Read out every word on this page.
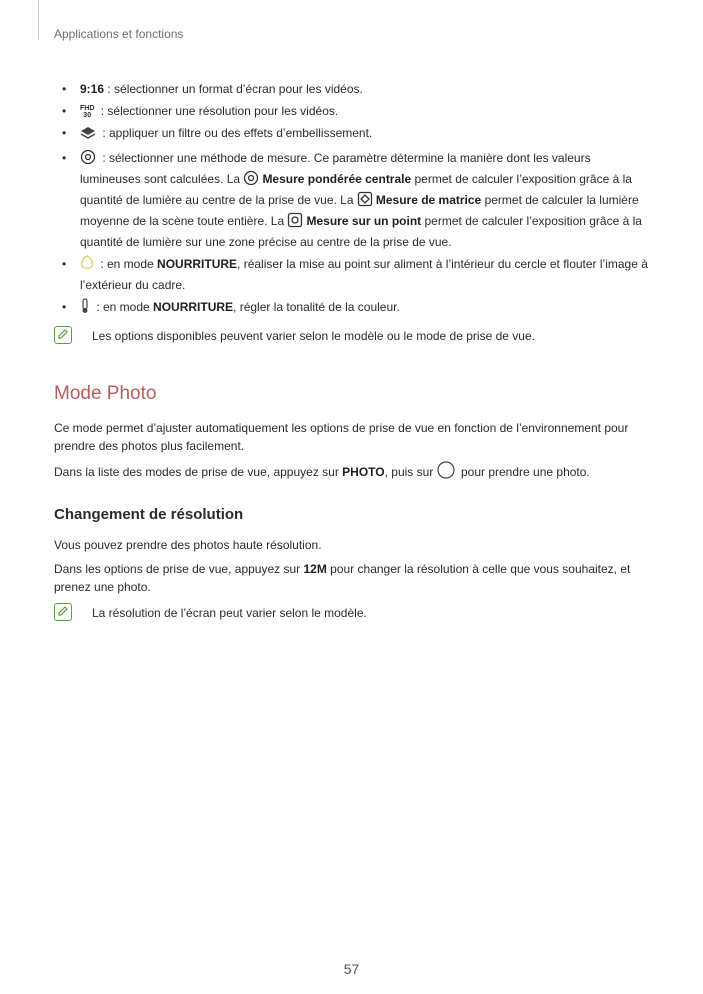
Applications et fonctions
• 9:16 : sélectionner un format d’écran pour les vidéos.
• FHD
30 : sélectionner une résolution pour les vidéos.
•	: appliquer un filtre ou des effets d’embellissement.
•	: sélectionner une méthode de mesure. Ce paramètre détermine la manière dont les valeurs lumineuses sont calculées. La Mesure pondérée centrale permet de calculer l’exposition grâce à la quantité de lumière au centre de la prise de vue. La Mesure de matrice permet de calculer la lumière moyenne de la scène toute entière. La Mesure sur un point permet de calculer l’exposition grâce à la quantité de lumière sur une zone précise au centre de la prise de vue.
•	: en mode NOURRITURE, réaliser la mise au point sur aliment à l’intérieur du cercle et flouter l’image à l’extérieur du cadre.
• : en mode NOURRITURE, régler la tonalité de la couleur.
Les options disponibles peuvent varier selon le modèle ou le mode de prise de vue.
Mode Photo

Ce mode permet d’ajuster automatiquement les options de prise de vue en fonction de l’environnement pour prendre des photos plus facilement.

Dans la liste des modes de prise de vue, appuyez sur PHOTO, puis sur  pour prendre une photo.

Changement de résolution

Vous pouvez prendre des photos haute résolution.

Dans les options de prise de vue, appuyez sur 12M pour changer la résolution à celle que vous souhaitez, et prenez une photo.

La résolution de l’écran peut varier selon le modèle.
57
